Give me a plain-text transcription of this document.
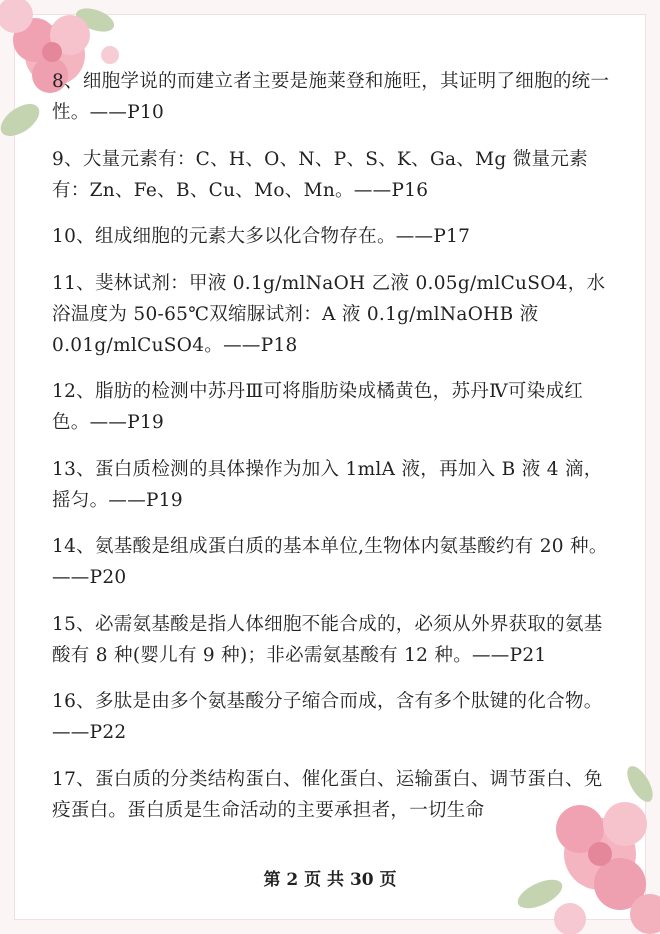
8、细胞学说的而建立者主要是施莱登和施旺，其证明了细胞的统一性。——P10

9、大量元素有：C、H、O、N、P、S、K、Ga、Mg 微量元素有：Zn、Fe、B、Cu、Mo、Mn。——P16

10、组成细胞的元素大多以化合物存在。——P17

11、斐林试剂：甲液 0.1g/mlNaOH 乙液 0.05g/mlCuSO4，水浴温度为 50-65℃双缩脲试剂：A 液 0.1g/mlNaOHB 液 0.01g/mlCuSO4。——P18

12、脂肪的检测中苏丹Ⅲ可将脂肪染成橘黄色，苏丹Ⅳ可染成红色。——P19

13、蛋白质检测的具体操作为加入 1mlA 液，再加入 B 液 4 滴，摇匀。——P19

14、氨基酸是组成蛋白质的基本单位,生物体内氨基酸约有 20 种。——P20

15、必需氨基酸是指人体细胞不能合成的，必须从外界获取的氨基酸有 8 种(婴儿有 9 种)；非必需氨基酸有 12 种。——P21

16、多肽是由多个氨基酸分子缩合而成，含有多个肽键的化合物。——P22

17、蛋白质的分类结构蛋白、催化蛋白、运输蛋白、调节蛋白、免疫蛋白。蛋白质是生命活动的主要承担者，一切生命

第 2 页 共 30 页
